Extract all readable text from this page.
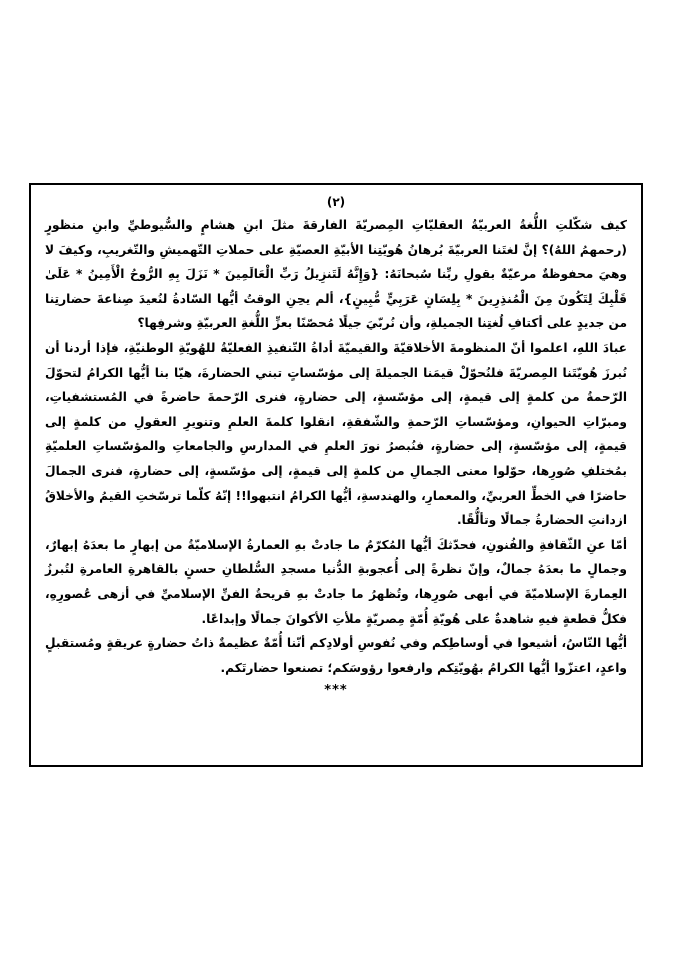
(٢)

كيف شكّلتِ اللُّغةُ العربيّةُ العقليّاتِ المِصريّةَ الفارقةَ مثلَ ابنِ هشامٍ والسُّيوطيِّ وابنِ منظورٍ (رحمهمُ اللهُ)؟ إنَّ لغتَنا العربيّةَ بُرهانُ هُويّتِنا الأبيّةِ العصيّةِ على حملاتِ التّهميشِ والتّغريبِ، وكيفَ لا وهيَ محفوظةٌ مرعيّةٌ بقولِ ربِّنا سُبحانَهُ: {وَإِنَّهُ لَتَنزِيلُ رَبِّ الْعَالَمِينَ * نَزَلَ بِهِ الرُّوحُ الْأَمِينُ * عَلَىٰ قَلْبِكَ لِتَكُونَ مِنَ الْمُنذِرِينَ * بِلِسَانٍ عَرَبِيٍّ مُّبِينٍ}، ألم يحِنِ الوقتُ أيُّها السّادةُ لنُعيدَ صِناعةَ حضارتِنا من جديدٍ على أكتافِ لُغتِنا الجميلةِ، وأن نُربّيَ جيلًا مُحصّنًا بعزِّ اللُّغةِ العربيّةِ وشرفِها؟

عبادَ اللهِ، اعلموا أنّ المنظومةَ الأخلاقيّةَ والقيميّةَ أداةُ التّنفيذِ الفعليّةُ للهُويّةِ الوطنيّةِ، فإذا أردنا أن نُبرزَ هُويّتَنا المِصريّةَ فلنُحوّلْ قيمَنا الجميلةَ إلى مؤسّساتٍ تبني الحضارةَ، هيّا بنا أيُّها الكرامُ لتحوّلَ الرّحمةُ من كلمةٍ إلى قيمةٍ، إلى مؤسّسةٍ، إلى حضارةٍ، فنرى الرّحمةَ حاضرةً في المُستشفياتِ، ومبرّاتِ الحيوانِ، ومؤسّساتِ الرّحمةِ والشّفقةِ، انقلوا كلمةَ العلمِ وتنويرِ العقولِ من كلمةٍ إلى قيمةٍ، إلى مؤسّسةٍ، إلى حضارةٍ، فنُبصرُ نورَ العلمِ في المدارسِ والجامعاتِ والمؤسّساتِ العلميّةِ بمُختلفِ صُورِها، حوّلوا معنى الجمالِ من كلمةٍ إلى قيمةٍ، إلى مؤسّسةٍ، إلى حضارةٍ، فنرى الجمالَ حاضرًا في الخطِّ العربيِّ، والمعمارِ، والهندسةِ، أيُّها الكرامُ انتبهوا!! إنّهُ كلّما ترسّختِ القيمُ والأخلاقُ ازدانتِ الحضارةُ جمالًا وتألُّقًا.

أمّا عنِ الثّقافةِ والفُنونِ، فحدّثكَ أيُّها المُكرّمُ ما جادتْ بهِ العمارةُ الإسلاميّةُ من إبهارٍ ما بعدَهُ إبهارٌ، وجمالٍ ما بعدَهُ جمالٌ، وإنّ نظرةً إلى أُعجوبةِ الدُّنيا مسجدِ السُّلطانِ حسنٍ بالقاهرةِ العامرةِ لتُبرزُ العِمارةَ الإسلاميّةَ في أبهى صُورِها، وتُظهرُ ما جادتْ بهِ قريحةُ الفنِّ الإسلاميِّ في أزهى عُصورِهِ، فكلُّ قطعةٍ فيهِ شاهدةٌ على هُويّةِ أُمّةٍ مِصريّةٍ ملأتِ الأكوانَ جمالًا وإبداعًا.

أيُّها النّاسُ، أشيعوا في أوساطِكم وفي نُفوسِ أولادِكم أنّنا أُمّةٌ عظيمةٌ ذاتُ حضارةٍ عريقةٍ ومُستقبلٍ واعدٍ، اعتزّوا أيُّها الكرامُ بهُويّتِكم وارفعوا رؤوسَكم؛ تصنعوا حضارتَكم.

***
